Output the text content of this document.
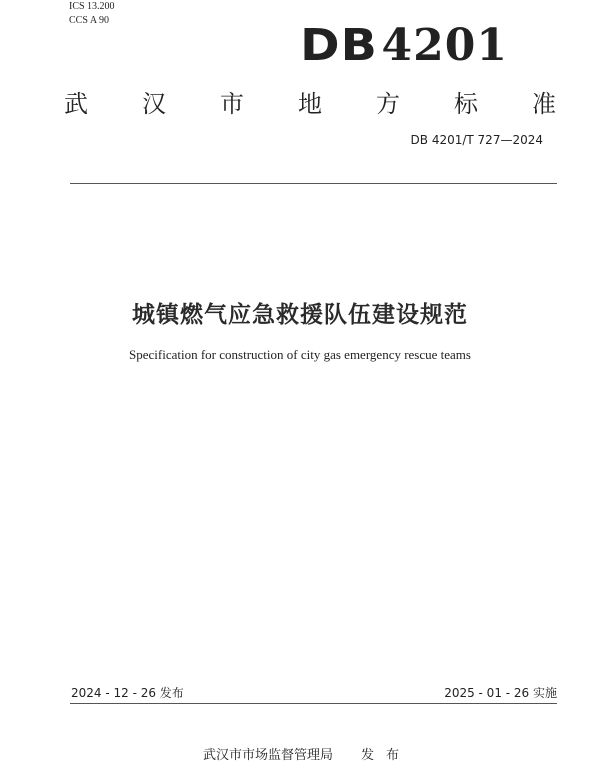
ICS 13.200
CCS A 90	DB 4201
武 汉 市 地 方 标 准
DB 4201/T 727—2024
城镇燃气应急救援队伍建设规范
Specification for construction of city gas emergency rescue teams
2024 - 12 - 26 发布	2025 - 01 - 26 实施
武汉市市场监督管理局 发布
